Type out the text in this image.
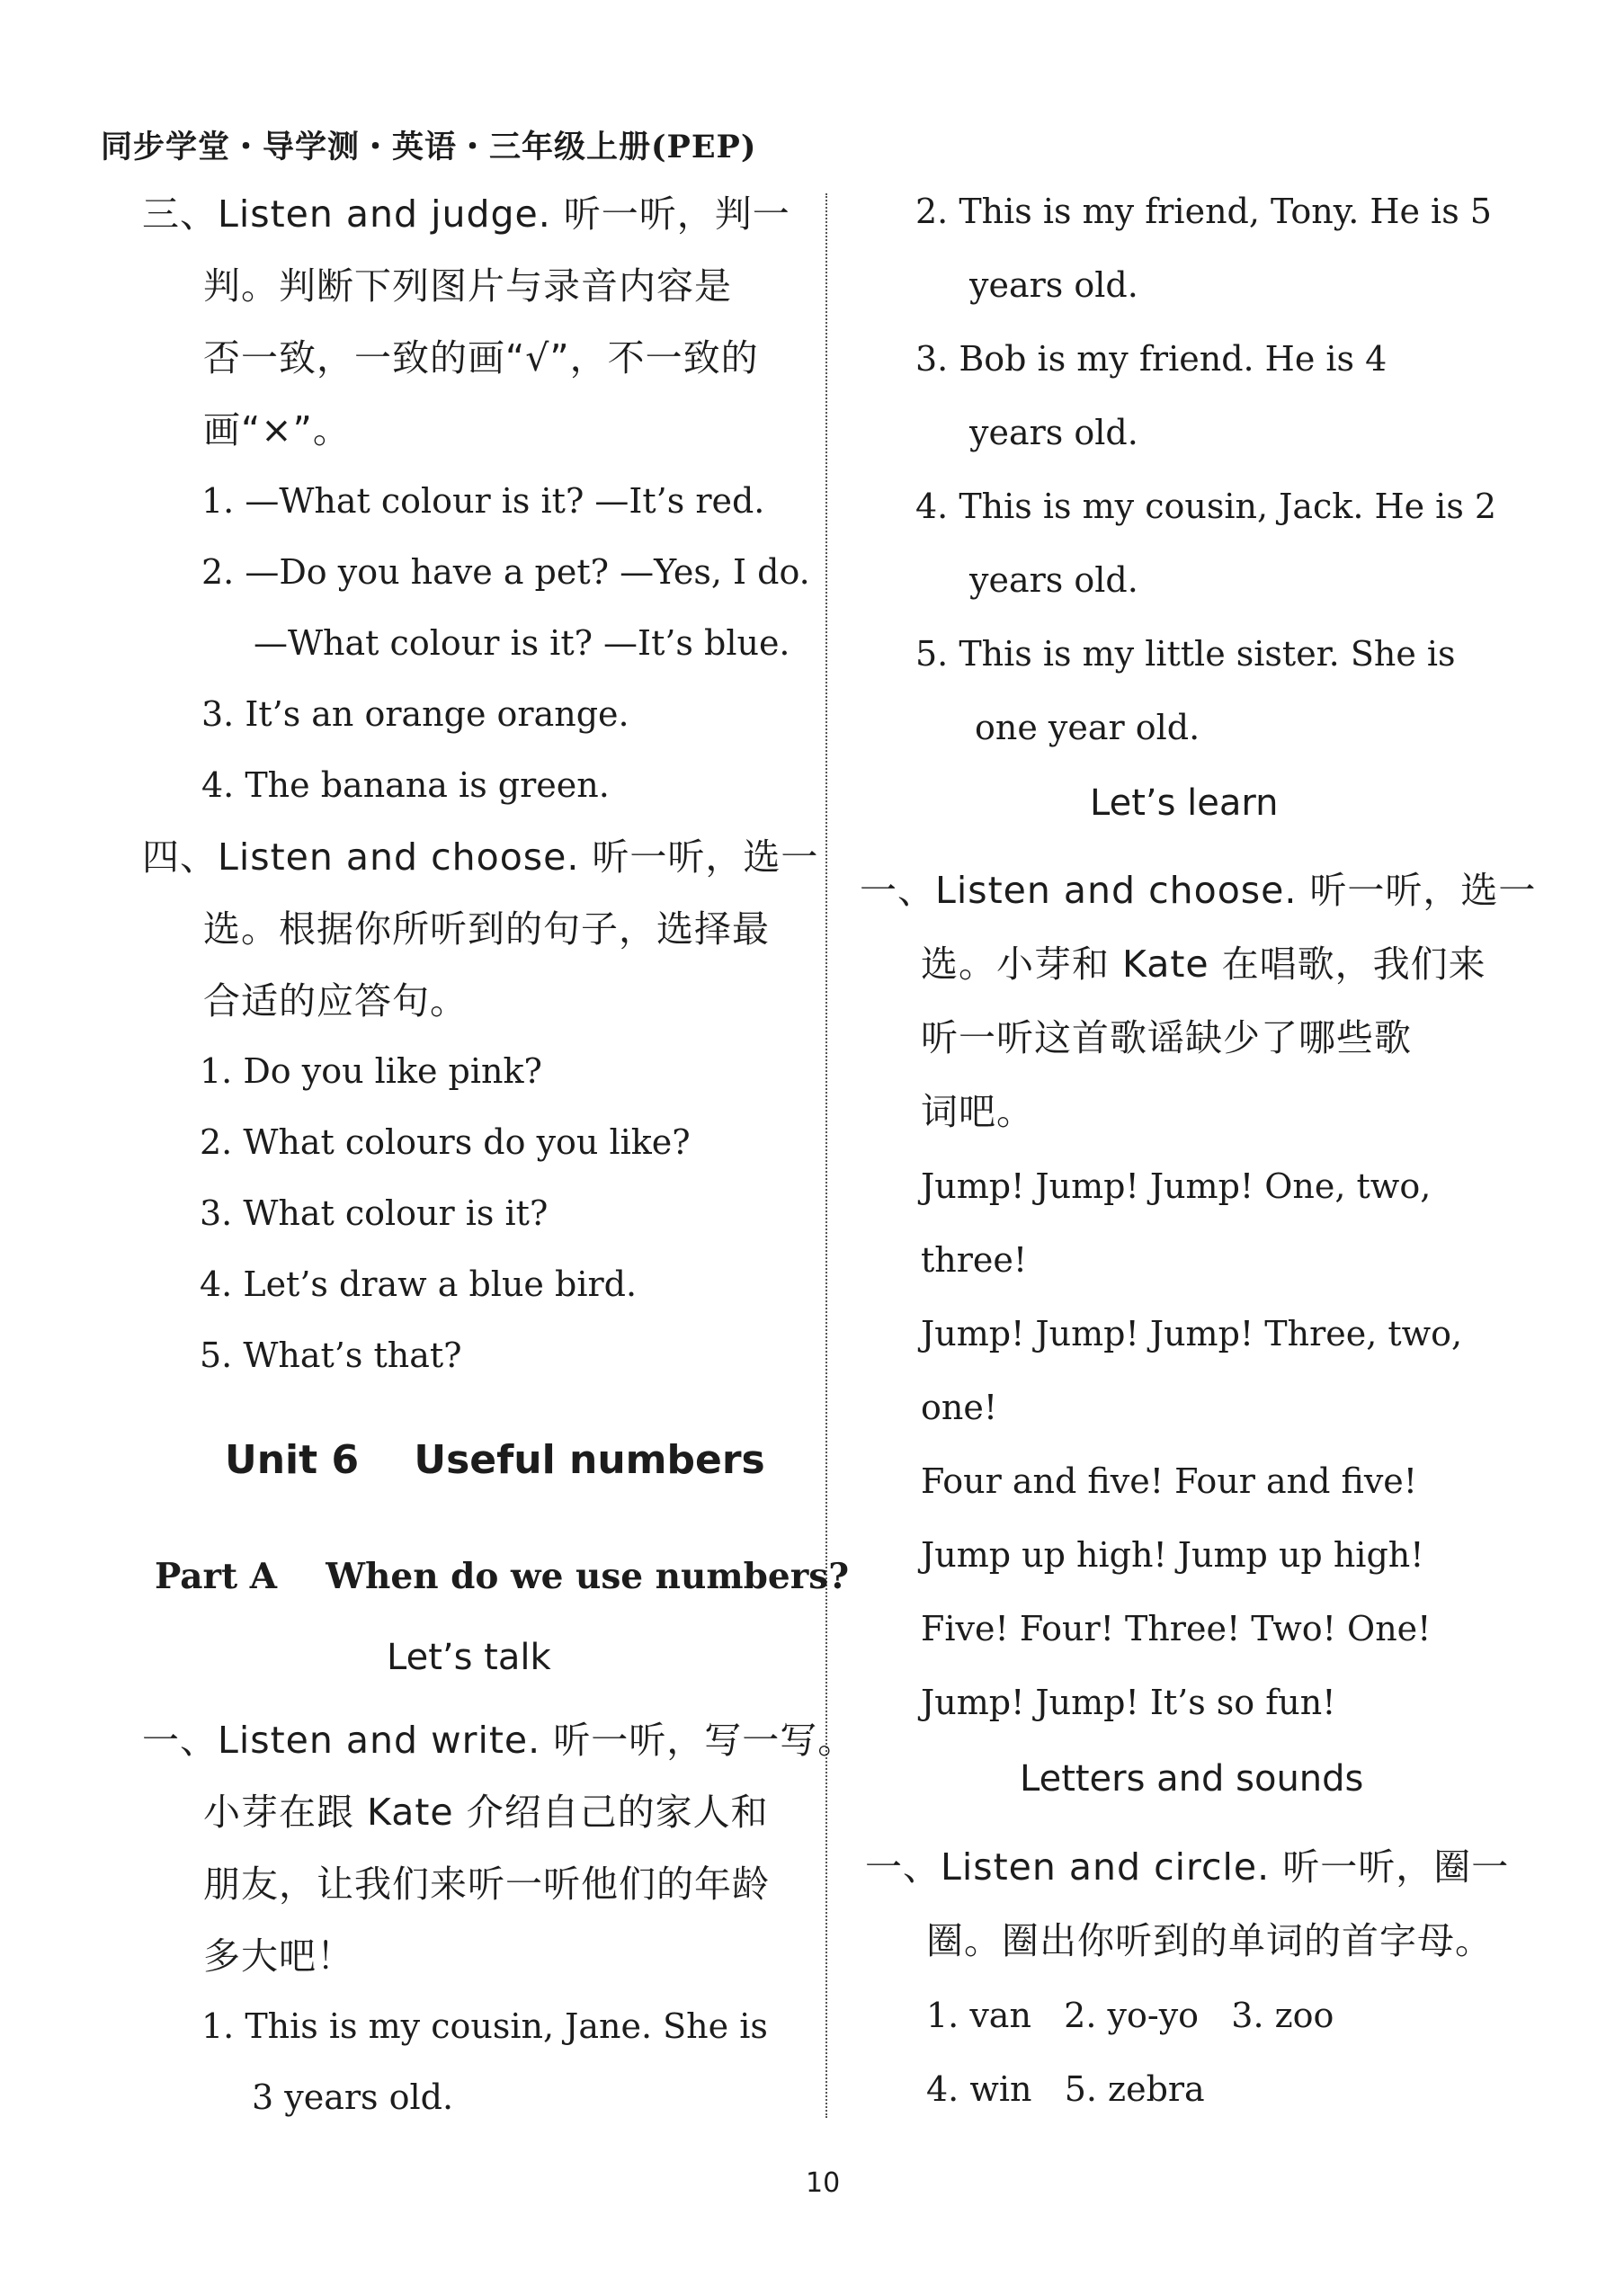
同步学堂・导学测・英语・三年级上册(PEP)
三、Listen and judge. 听一听，判一
判。判断下列图片与录音内容是
否一致，一致的画“√”，不一致的
画“×”。
1. —What colour is it? —It’s red.
2. —Do you have a pet? —Yes, I do.
—What colour is it? —It’s blue.
3. It’s an orange orange.
4. The banana is green.
四、Listen and choose. 听一听，选一
选。根据你所听到的句子，选择最
合适的应答句。
1. Do you like pink?
2. What colours do you like?
3. What colour is it?
4. Let’s draw a blue bird.
5. What’s that?
Unit 6    Useful numbers
Part A    When do we use numbers?
Let’s talk
一、Listen and write. 听一听，写一写。
小芽在跟 Kate 介绍自己的家人和
朋友，让我们来听一听他们的年龄
多大吧！
1. This is my cousin, Jane. She is
3 years old.
2. This is my friend, Tony. He is 5
years old.
3. Bob is my friend. He is 4
years old.
4. This is my cousin, Jack. He is 2
years old.
5. This is my little sister. She is
one year old.
Let’s learn
一、Listen and choose. 听一听，选一
选。小芽和 Kate 在唱歌，我们来
听一听这首歌谣缺少了哪些歌
词吧。
Jump! Jump! Jump! One, two,
three!
Jump! Jump! Jump! Three, two,
one!
Four and five! Four and five!
Jump up high! Jump up high!
Five! Four! Three! Two! One!
Jump! Jump! It’s so fun!
Letters and sounds
一、Listen and circle. 听一听，圈一
圈。圈出你听到的单词的首字母。
1. van   2. yo-yo   3. zoo
4. win   5. zebra
10
